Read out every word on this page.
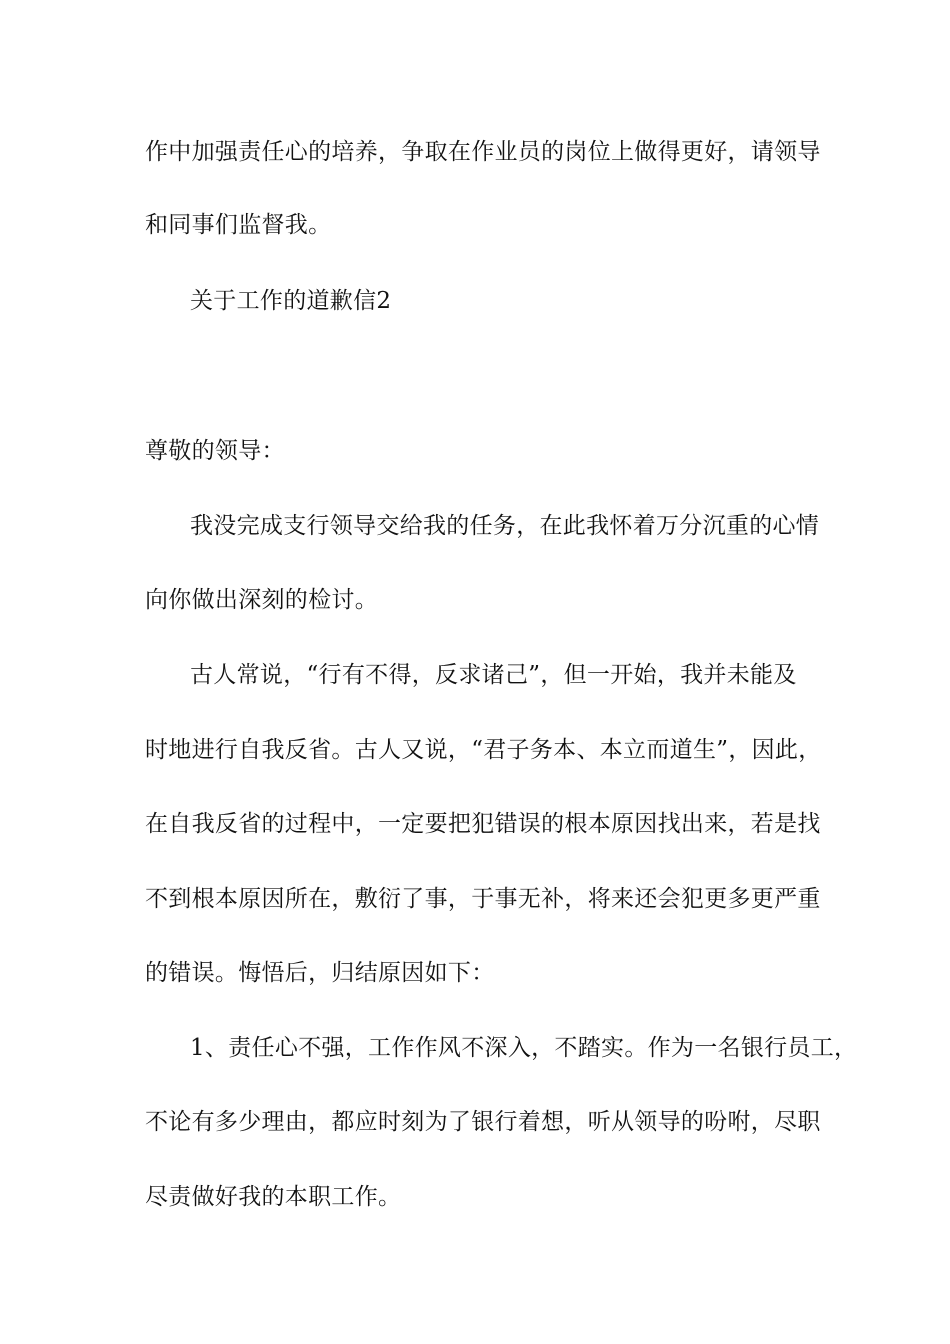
作中加强责任心的培养，争取在作业员的岗位上做得更好，请领导
和同事们监督我。
关于工作的道歉信2
尊敬的领导：
我没完成支行领导交给我的任务，在此我怀着万分沉重的心情
向你做出深刻的检讨。
古人常说，“行有不得，反求诸己”，但一开始，我并未能及
时地进行自我反省。古人又说，“君子务本、本立而道生”，因此，
在自我反省的过程中，一定要把犯错误的根本原因找出来，若是找
不到根本原因所在，敷衍了事，于事无补，将来还会犯更多更严重
的错误。悔悟后，归结原因如下：
1、责任心不强，工作作风不深入，不踏实。作为一名银行员工，
不论有多少理由，都应时刻为了银行着想，听从领导的吩咐，尽职
尽责做好我的本职工作。
